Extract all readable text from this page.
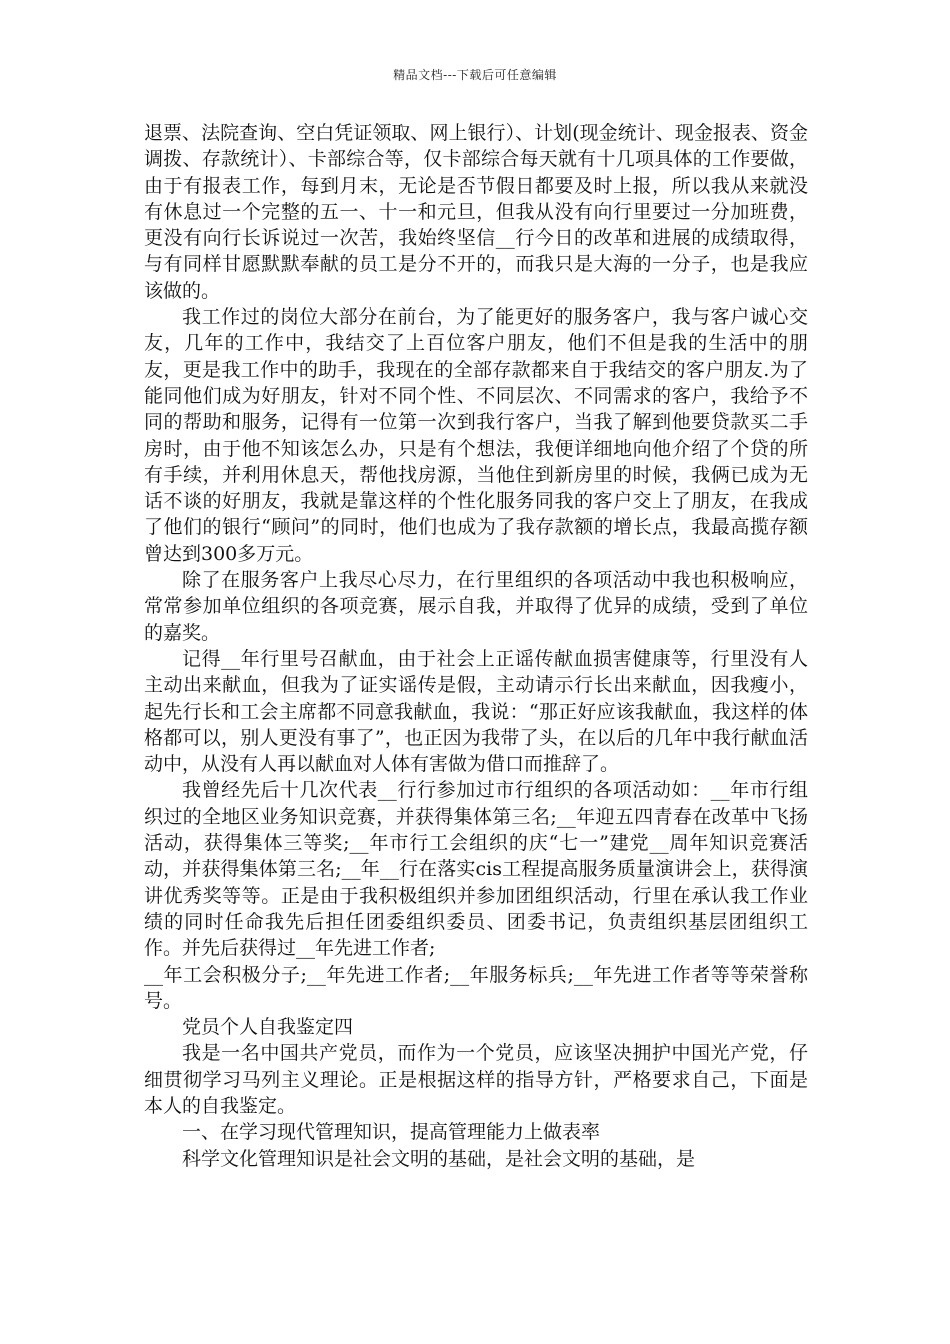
精品文档---下载后可任意编辑

退票、法院查询、空白凭证领取、网上银行）、计划(现金统计、现金报表、资金调拨、存款统计）、卡部综合等，仅卡部综合每天就有十几项具体的工作要做，由于有报表工作，每到月末，无论是否节假日都要及时上报，所以我从来就没有休息过一个完整的五一、十一和元旦，但我从没有向行里要过一分加班费，更没有向行长诉说过一次苦，我始终坚信__行今日的改革和进展的成绩取得，与有同样甘愿默默奉献的员工是分不开的，而我只是大海的一分子，也是我应该做的。

我工作过的岗位大部分在前台，为了能更好的服务客户，我与客户诚心交友，几年的工作中，我结交了上百位客户朋友，他们不但是我的生活中的朋友，更是我工作中的助手，我现在的全部存款都来自于我结交的客户朋友.为了能同他们成为好朋友，针对不同个性、不同层次、不同需求的客户，我给予不同的帮助和服务，记得有一位第一次到我行客户，当我了解到他要贷款买二手房时，由于他不知该怎么办，只是有个想法，我便详细地向他介绍了个贷的所有手续，并利用休息天，帮他找房源，当他住到新房里的时候，我俩已成为无话不谈的好朋友，我就是靠这样的个性化服务同我的客户交上了朋友，在我成了他们的银行“顾问”的同时，他们也成为了我存款额的增长点，我最高揽存额曾达到300多万元。

除了在服务客户上我尽心尽力，在行里组织的各项活动中我也积极响应，常常参加单位组织的各项竞赛，展示自我，并取得了优异的成绩，受到了单位的嘉奖。

记得__年行里号召献血，由于社会上正谣传献血损害健康等，行里没有人主动出来献血，但我为了证实谣传是假，主动请示行长出来献血，因我瘦小，起先行长和工会主席都不同意我献血，我说：“那正好应该我献血，我这样的体格都可以，别人更没有事了”，也正因为我带了头，在以后的几年中我行献血活动中，从没有人再以献血对人体有害做为借口而推辞了。

我曾经先后十几次代表__行行参加过市行组织的各项活动如：__年市行组织过的全地区业务知识竞赛，并获得集体第三名;__年迎五四青春在改革中飞扬活动，获得集体三等奖;__年市行工会组织的庆“七一”建党__周年知识竞赛活动，并获得集体第三名;__年__行在落实cis工程提高服务质量演讲会上，获得演讲优秀奖等等。正是由于我积极组织并参加团组织活动，行里在承认我工作业绩的同时任命我先后担任团委组织委员、团委书记，负责组织基层团组织工作。并先后获得过__年先进工作者;

__年工会积极分子;__年先进工作者;__年服务标兵;__年先进工作者等等荣誉称号。

党员个人自我鉴定四

我是一名中国共产党员，而作为一个党员，应该坚决拥护中国光产党，仔细贯彻学习马列主义理论。正是根据这样的指导方针，严格要求自己，下面是本人的自我鉴定。

一、在学习现代管理知识，提高管理能力上做表率

科学文化管理知识是社会文明的基础，是社会文明的基础，是
